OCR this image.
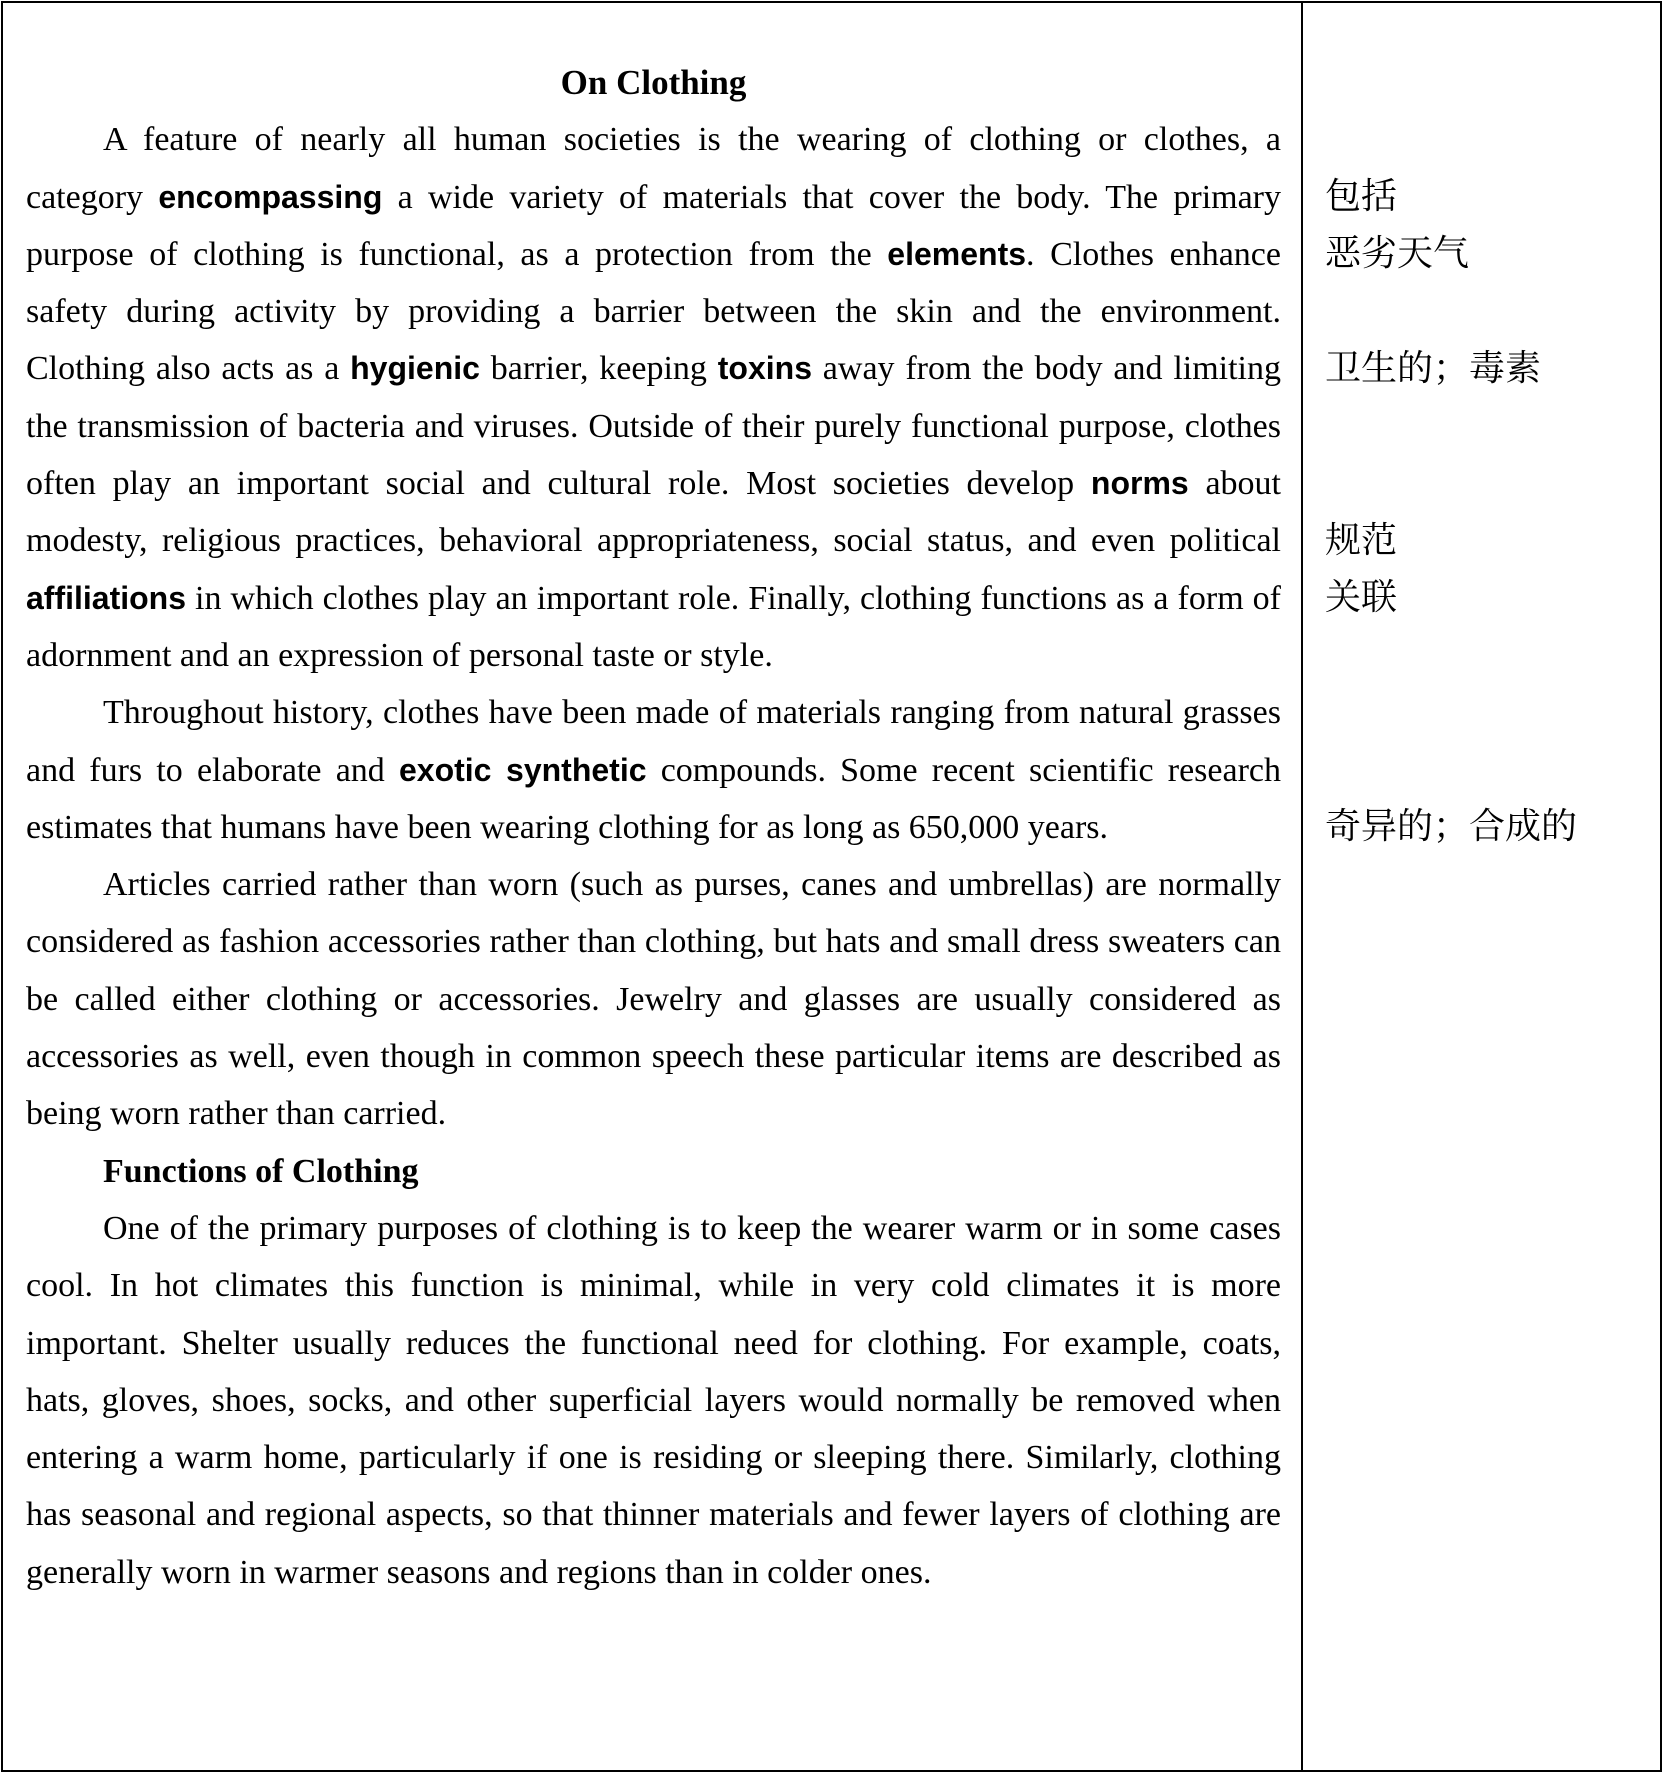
On Clothing

A feature of nearly all human societies is the wearing of clothing or clothes, a category encompassing a wide variety of materials that cover the body. The primary purpose of clothing is functional, as a protection from the elements. Clothes enhance safety during activity by providing a barrier between the skin and the environment. Clothing also acts as a hygienic barrier, keeping toxins away from the body and limiting the transmission of bacteria and viruses. Outside of their purely functional purpose, clothes often play an important social and cultural role. Most societies develop norms about modesty, religious practices, behavioral appropriateness, social status, and even political affiliations in which clothes play an important role. Finally, clothing functions as a form of adornment and an expression of personal taste or style.

Throughout history, clothes have been made of materials ranging from natural grasses and furs to elaborate and exotic synthetic compounds. Some recent scientific research estimates that humans have been wearing clothing for as long as 650,000 years.

Articles carried rather than worn (such as purses, canes and umbrellas) are normally considered as fashion accessories rather than clothing, but hats and small dress sweaters can be called either clothing or accessories. Jewelry and glasses are usually considered as accessories as well, even though in common speech these particular items are described as being worn rather than carried.

Functions of Clothing

One of the primary purposes of clothing is to keep the wearer warm or in some cases cool. In hot climates this function is minimal, while in very cold climates it is more important. Shelter usually reduces the functional need for clothing. For example, coats, hats, gloves, shoes, socks, and other superficial layers would normally be removed when entering a warm home, particularly if one is residing or sleeping there. Similarly, clothing has seasonal and regional aspects, so that thinner materials and fewer layers of clothing are generally worn in warmer seasons and regions than in colder ones.

包括
恶劣天气
卫生的；毒素
规范
关联
奇异的；合成的
